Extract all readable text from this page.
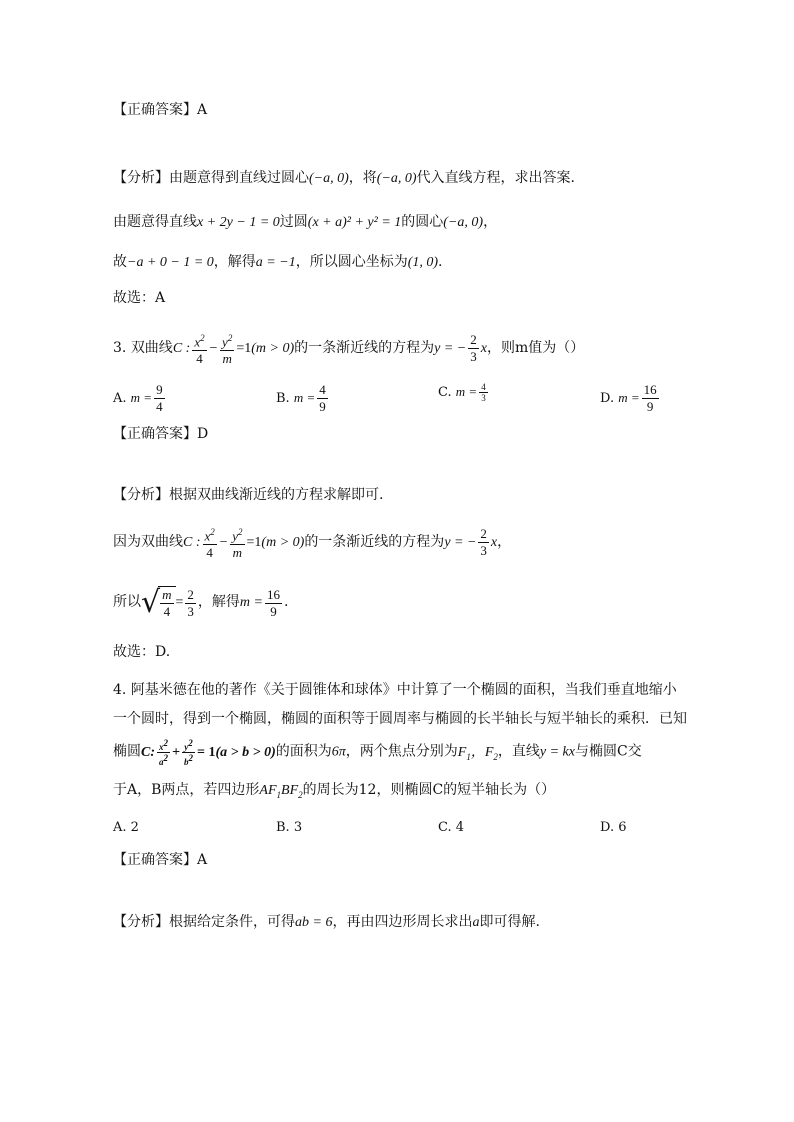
【正确答案】A
【分析】由题意得到直线过圆心(−a, 0)，将(−a, 0)代入直线方程，求出答案.
由题意得直线x + 2y − 1 = 0过圆(x + a)² + y² = 1的圆心(−a, 0)，
故−a + 0 − 1 = 0，解得a = −1，所以圆心坐标为(1, 0).
故选：A
3. 双曲线C : $\frac{x^2}{4} - \frac{y^2}{m} =1(m > 0)$的一条渐近线的方程为y = − $\frac{2}{3}$ x，则m值为（）
A. $m = \frac{9}{4}$	B. $m = \frac{4}{9}$	C. $m = \frac{4}{3}$	D. $m = \frac{16}{9}$
【正确答案】D
【分析】根据双曲线渐近线的方程求解即可.
因为双曲线C : $\frac{x^2}{4} - \frac{y^2}{m} =1(m > 0)$的一条渐近线的方程为y = − $\frac{2}{3}$ x，
所以 √ $\frac{m}{4} = \frac{2}{3}$ ，解得$m = \frac{16}{9}$ .
故选：D.
4. 阿基米德在他的著作《关于圆锥体和球体》中计算了一个椭圆的面积，当我们垂直地缩小
一个圆时，得到一个椭圆，椭圆的面积等于圆周率与椭圆的长半轴长与短半轴长的乘积．已知
椭圆C: $\frac{x^2}{a^2} + \frac{y^2}{b^2} = 1(a > b > 0)$的面积为6π，两个焦点分别为$F_1$，$F_2$，直线y = kx与椭圆C交
于A，B两点，若四边形$AF_1BF_2$的周长为12，则椭圆C的短半轴长为（）
A. 2	B. 3	C. 4	D. 6
【正确答案】A
【分析】根据给定条件，可得ab = 6，再由四边形周长求出a即可得解.
